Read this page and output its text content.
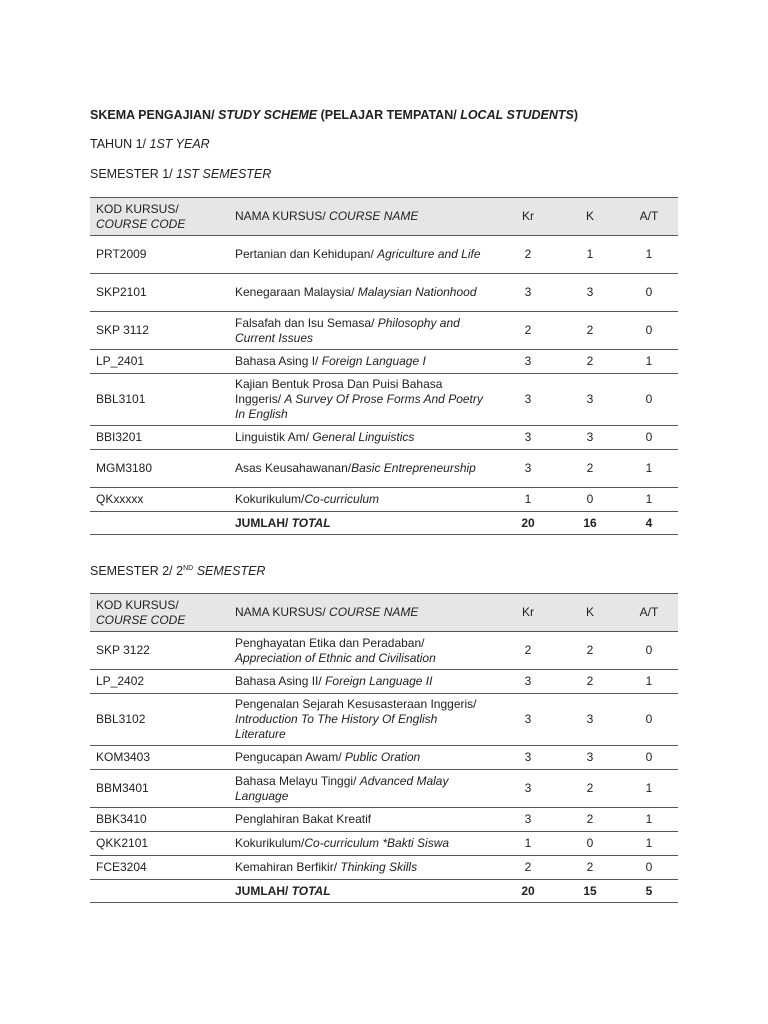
SKEMA PENGAJIAN/ STUDY SCHEME (PELAJAR TEMPATAN/ LOCAL STUDENTS)
TAHUN 1/ 1ST YEAR
SEMESTER 1/ 1ST SEMESTER
KOD KURSUS/
COURSE CODE	NAMA KURSUS/ COURSE NAME	Kr	K	A/T
PRT2009	Pertanian dan Kehidupan/ Agriculture and Life	2	1	1
SKP2101	Kenegaraan Malaysia/ Malaysian Nationhood	3	3	0
SKP 3112	Falsafah dan Isu Semasa/ Philosophy and Current Issues	2	2	0
LP_2401	Bahasa Asing I/ Foreign Language I	3	2	1
BBL3101	Kajian Bentuk Prosa Dan Puisi Bahasa Inggeris/ A Survey Of Prose Forms And Poetry In English	3	3	0
BBI3201	Linguistik Am/ General Linguistics	3	3	0
MGM3180	Asas Keusahawanan/Basic Entrepreneurship	3	2	1
QKxxxxx	Kokurikulum/Co-curriculum	1	0	1
	JUMLAH/ TOTAL	20	16	4
SEMESTER 2/ 2ND SEMESTER
KOD KURSUS/
COURSE CODE	NAMA KURSUS/ COURSE NAME	Kr	K	A/T
SKP 3122	Penghayatan Etika dan Peradaban/ Appreciation of Ethnic and Civilisation	2	2	0
LP_2402	Bahasa Asing II/ Foreign Language II	3	2	1
BBL3102	Pengenalan Sejarah Kesusasteraan Inggeris/ Introduction To The History Of English Literature	3	3	0
KOM3403	Pengucapan Awam/ Public Oration	3	3	0
BBM3401	Bahasa Melayu Tinggi/ Advanced Malay Language	3	2	1
BBK3410	Penglahiran Bakat Kreatif	3	2	1
QKK2101	Kokurikulum/Co-curriculum *Bakti Siswa	1	0	1
FCE3204	Kemahiran Berfikir/ Thinking Skills	2	2	0
	JUMLAH/ TOTAL	20	15	5
